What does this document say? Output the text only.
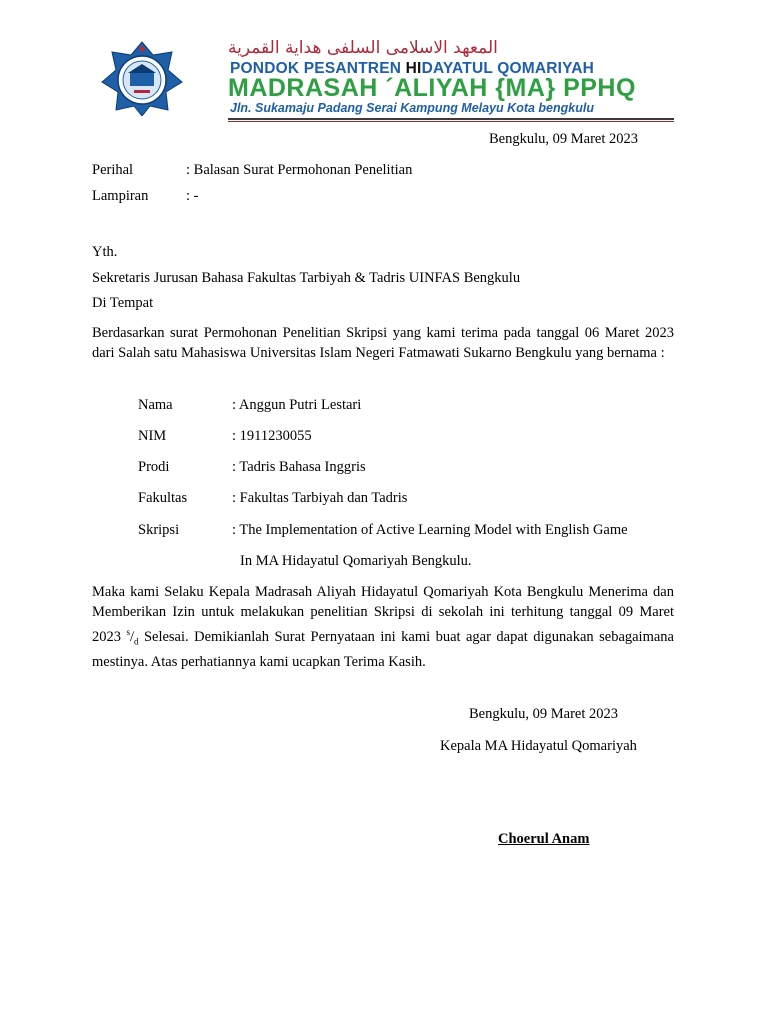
المعهد الاسلامى السلفى هداية القمرية
PONDOK PESANTREN HIDAYATUL QOMARIYAH
MADRASAH ´ALIYAH {MA} PPHQ
Jln. Sukamaju Padang Serai Kampung Melayu Kota bengkulu
Bengkulu, 09 Maret 2023
Perihal	: Balasan Surat Permohonan Penelitian
Lampiran	: -
Yth.
Sekretaris Jurusan Bahasa Fakultas Tarbiyah & Tadris UINFAS Bengkulu
Di Tempat
Berdasarkan surat Permohonan Penelitian Skripsi yang kami terima pada tanggal 06 Maret 2023 dari Salah satu Mahasiswa Universitas Islam Negeri Fatmawati Sukarno Bengkulu yang bernama :
Nama	: Anggun Putri Lestari
NIM	: 1911230055
Prodi	: Tadris Bahasa Inggris
Fakultas	: Fakultas Tarbiyah dan Tadris
Skripsi	: The Implementation of Active Learning Model with English Game
In MA Hidayatul Qomariyah Bengkulu.
Maka kami Selaku Kepala Madrasah Aliyah Hidayatul Qomariyah Kota Bengkulu Menerima dan Memberikan Izin untuk melakukan penelitian Skripsi di sekolah ini terhitung tanggal 09 Maret 2023 $^s/_d$ Selesai. Demikianlah Surat Pernyataan ini kami buat agar dapat digunakan sebagaimana mestinya. Atas perhatiannya kami ucapkan Terima Kasih.
Bengkulu, 09 Maret 2023
Kepala MA Hidayatul Qomariyah
Choerul Anam
